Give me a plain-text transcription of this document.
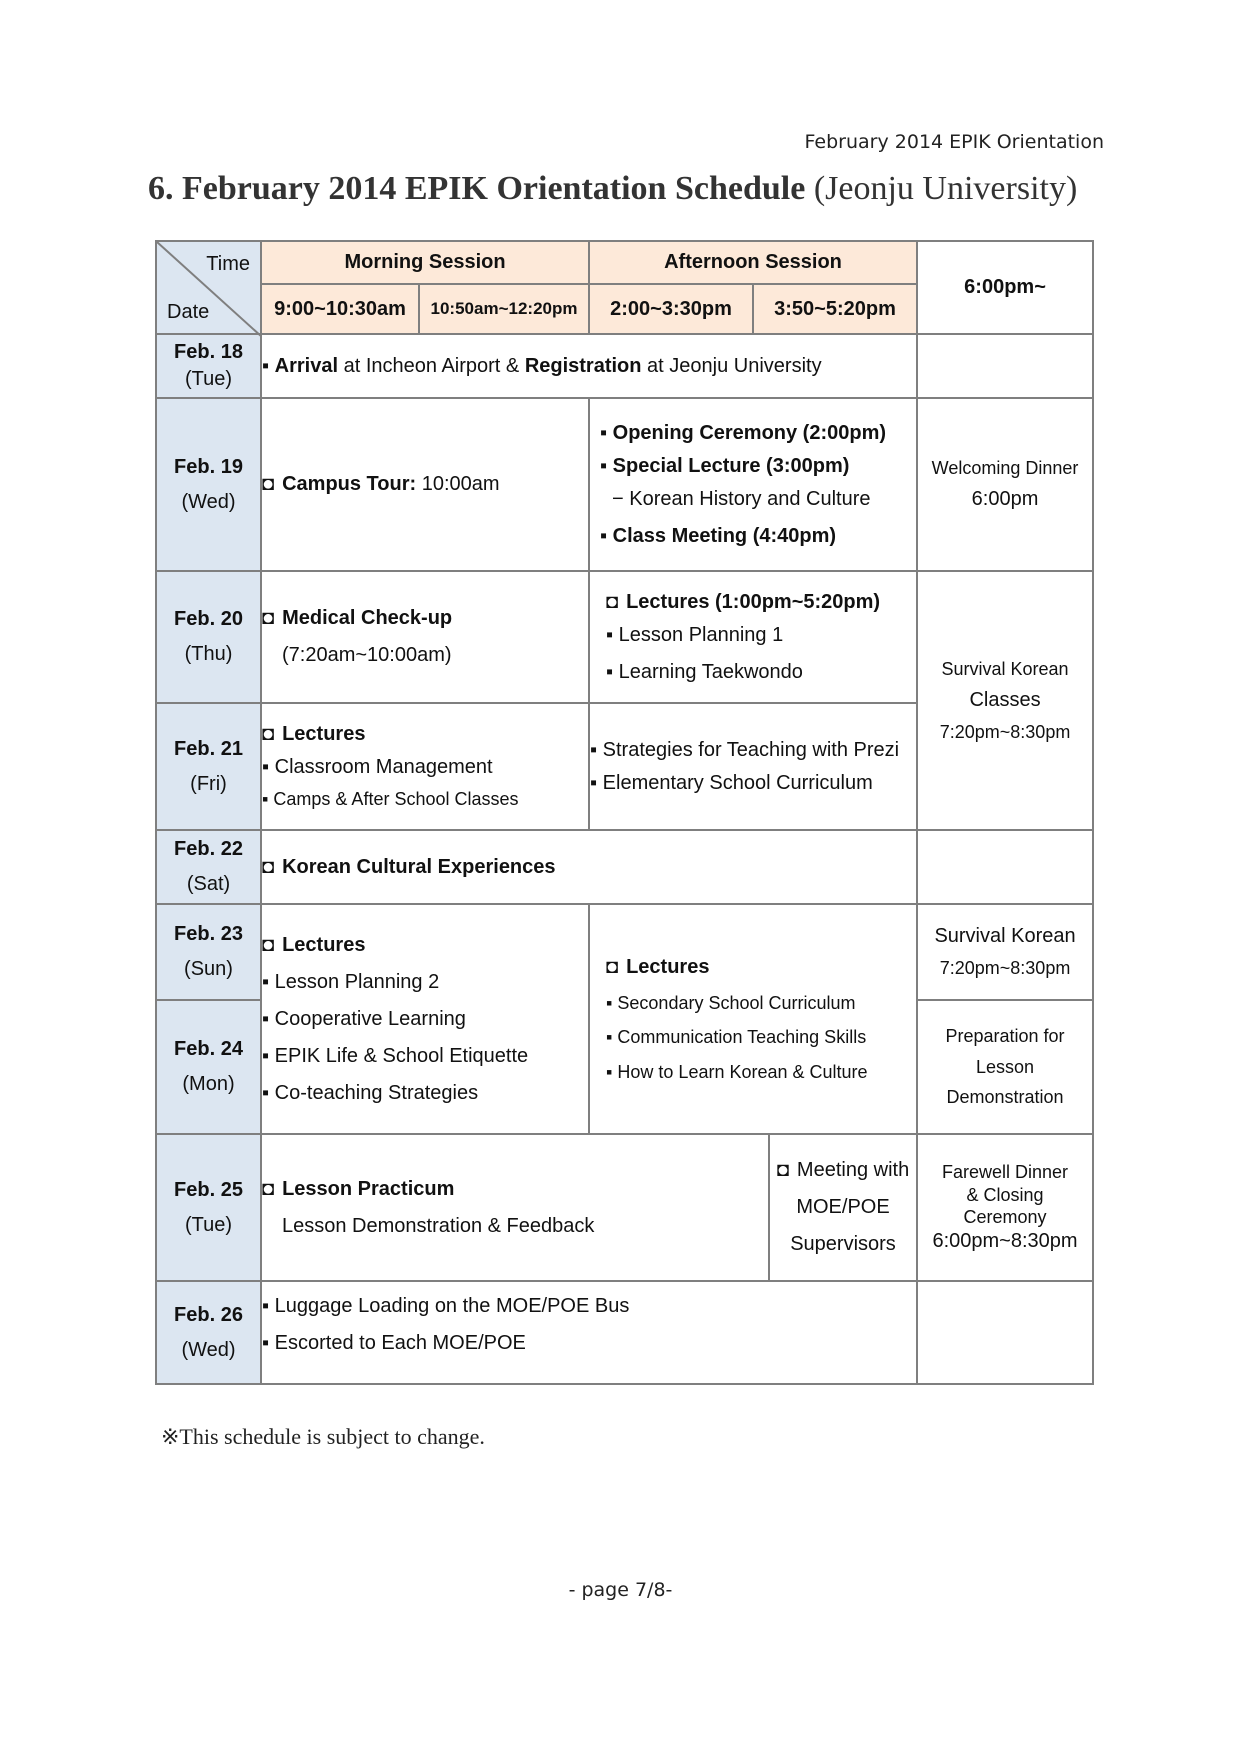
February 2014 EPIK Orientation
6. February 2014 EPIK Orientation Schedule (Jeonju University)
Time
Date	Morning Session		Afternoon Session			6:00pm~
	9:00~10:30am	10:50am~12:20pm	2:00~3:30pm	3:50~5:20pm		

Feb. 18
(Tue)	▪ Arrival at Incheon Airport & Registration at Jeonju University					

Feb. 19
(Wed)	◘ Campus Tour: 10:00am		▪ Opening Ceremony (2:00pm)
▪ Special Lecture (3:00pm)
− Korean History and Culture
▪ Class Meeting (4:40pm)			Welcoming Dinner
6:00pm

Feb. 20
(Thu)	◘ Medical Check-up
(7:20am~10:00am)		◘ Lectures (1:00pm~5:20pm)
▪ Lesson Planning 1
▪ Learning Taekwondo			Survival Korean
Classes
7:20pm~8:30pm

Feb. 21
(Fri)	◘ Lectures
▪ Classroom Management
▪ Camps & After School Classes		▪ Strategies for Teaching with Prezi
▪ Elementary School Curriculum			

Feb. 22
(Sat)	◘ Korean Cultural Experiences					

Feb. 23
(Sun)	◘ Lectures
▪ Lesson Planning 2
▪ Cooperative Learning
▪ EPIK Life & School Etiquette
▪ Co-teaching Strategies		◘ Lectures
▪ Secondary School Curriculum
▪ Communication Teaching Skills
▪ How to Learn Korean & Culture			Survival Korean
7:20pm~8:30pm

Feb. 24
(Mon)						Preparation for
Lesson
Demonstration

Feb. 25
(Tue)	◘ Lesson Practicum
Lesson Demonstration & Feedback				◘ Meeting with
MOE/POE
Supervisors	Farewell Dinner
& Closing
Ceremony
6:00pm~8:30pm

Feb. 26
(Wed)	▪ Luggage Loading on the MOE/POE Bus
▪ Escorted to Each MOE/POE					

※This schedule is subject to change.
- page 7/8-
